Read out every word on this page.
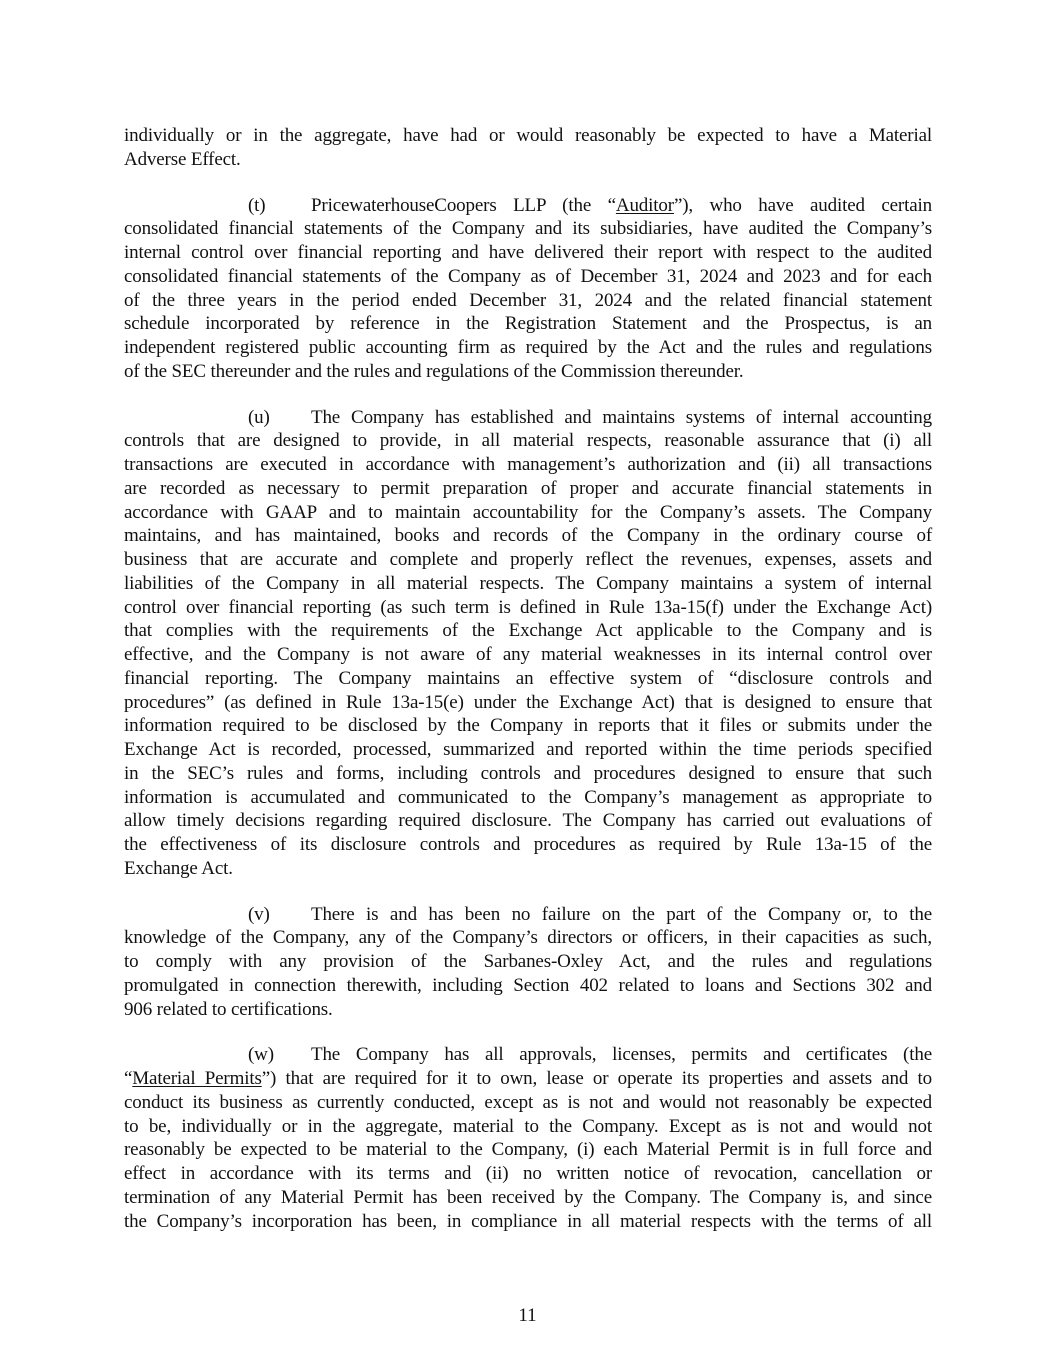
individually or in the aggregate, have had or would reasonably be expected to have a Material
Adverse Effect.

(t) PricewaterhouseCoopers LLP (the “Auditor”), who have audited certain
consolidated financial statements of the Company and its subsidiaries, have audited the Company’s
internal control over financial reporting and have delivered their report with respect to the audited
consolidated financial statements of the Company as of December 31, 2024 and 2023 and for each
of the three years in the period ended December 31, 2024 and the related financial statement
schedule incorporated by reference in the Registration Statement and the Prospectus, is an
independent registered public accounting firm as required by the Act and the rules and regulations
of the SEC thereunder and the rules and regulations of the Commission thereunder.

(u) The Company has established and maintains systems of internal accounting
controls that are designed to provide, in all material respects, reasonable assurance that (i) all
transactions are executed in accordance with management’s authorization and (ii) all transactions
are recorded as necessary to permit preparation of proper and accurate financial statements in
accordance with GAAP and to maintain accountability for the Company’s assets. The Company
maintains, and has maintained, books and records of the Company in the ordinary course of
business that are accurate and complete and properly reflect the revenues, expenses, assets and
liabilities of the Company in all material respects. The Company maintains a system of internal
control over financial reporting (as such term is defined in Rule 13a-15(f) under the Exchange Act)
that complies with the requirements of the Exchange Act applicable to the Company and is
effective, and the Company is not aware of any material weaknesses in its internal control over
financial reporting. The Company maintains an effective system of “disclosure controls and
procedures” (as defined in Rule 13a-15(e) under the Exchange Act) that is designed to ensure that
information required to be disclosed by the Company in reports that it files or submits under the
Exchange Act is recorded, processed, summarized and reported within the time periods specified
in the SEC’s rules and forms, including controls and procedures designed to ensure that such
information is accumulated and communicated to the Company’s management as appropriate to
allow timely decisions regarding required disclosure. The Company has carried out evaluations of
the effectiveness of its disclosure controls and procedures as required by Rule 13a-15 of the
Exchange Act.

(v) There is and has been no failure on the part of the Company or, to the
knowledge of the Company, any of the Company’s directors or officers, in their capacities as such,
to comply with any provision of the Sarbanes-Oxley Act, and the rules and regulations
promulgated in connection therewith, including Section 402 related to loans and Sections 302 and
906 related to certifications.

(w) The Company has all approvals, licenses, permits and certificates (the
“Material Permits”) that are required for it to own, lease or operate its properties and assets and to
conduct its business as currently conducted, except as is not and would not reasonably be expected
to be, individually or in the aggregate, material to the Company. Except as is not and would not
reasonably be expected to be material to the Company, (i) each Material Permit is in full force and
effect in accordance with its terms and (ii) no written notice of revocation, cancellation or
termination of any Material Permit has been received by the Company. The Company is, and since
the Company’s incorporation has been, in compliance in all material respects with the terms of all

11
